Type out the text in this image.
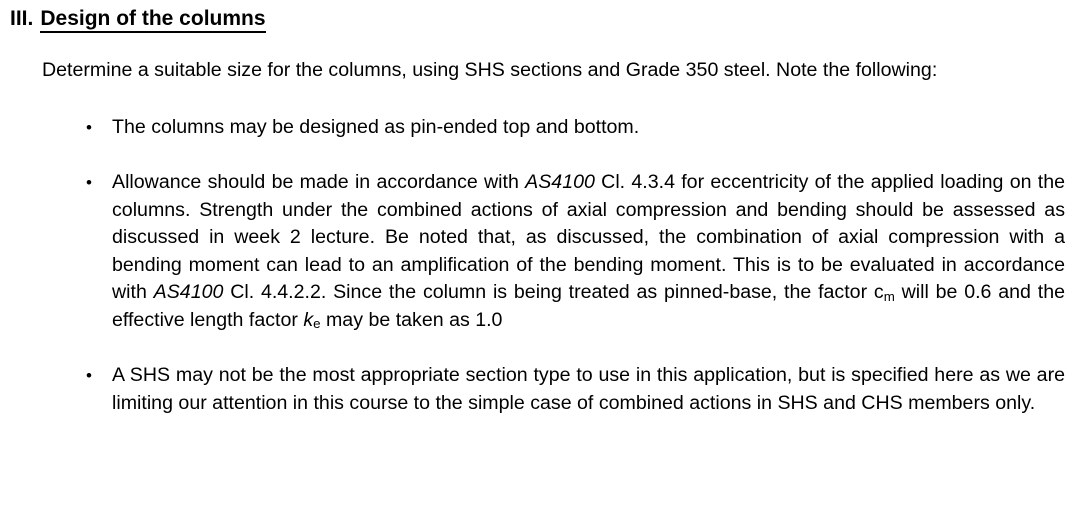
III. Design of the columns

Determine a suitable size for the columns, using SHS sections and Grade 350 steel. Note the following:

•	The columns may be designed as pin-ended top and bottom.
•	Allowance should be made in accordance with AS4100 Cl. 4.3.4 for eccentricity of the applied loading on the columns. Strength under the combined actions of axial compression and bending should be assessed as discussed in week 2 lecture. Be noted that, as discussed, the combination of axial compression with a bending moment can lead to an amplification of the bending moment. This is to be evaluated in accordance with AS4100 Cl. 4.4.2.2. Since the column is being treated as pinned-base, the factor cm will be 0.6 and the effective length factor ke may be taken as 1.0
•	A SHS may not be the most appropriate section type to use in this application, but is specified here as we are limiting our attention in this course to the simple case of combined actions in SHS and CHS members only.
